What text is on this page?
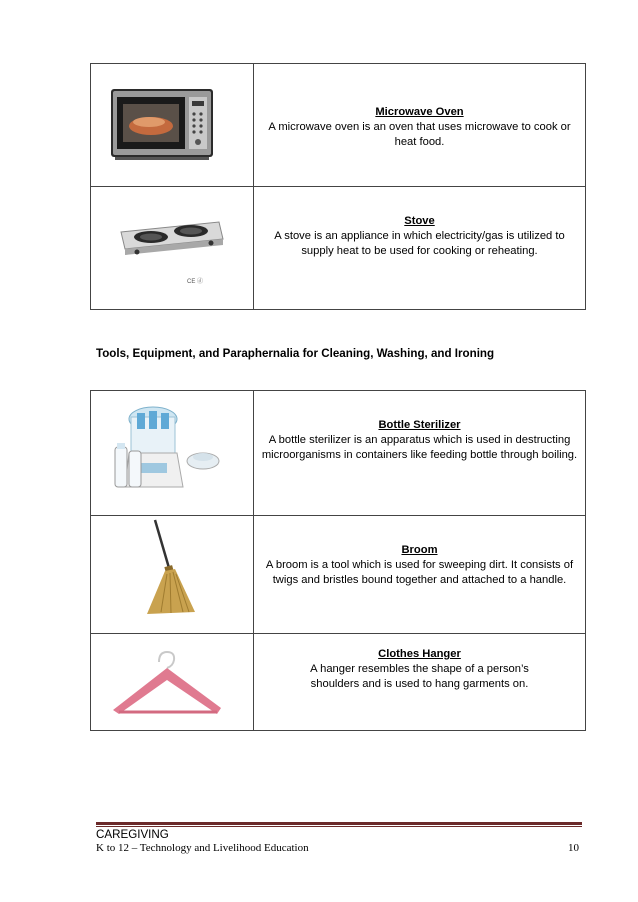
Microwave Oven
A microwave oven is an oven that uses microwave to cook or heat food.

CE ⓓ	Stove
A stove is an appliance in which electricity/gas is utilized to supply heat to be used for cooking or reheating.
Tools, Equipment, and Paraphernalia for Cleaning, Washing, and Ironing

Bottle Sterilizer
A bottle sterilizer is an apparatus which is used in destructing microorganisms in containers like feeding bottle through boiling.

Broom
A broom is a tool which is used for sweeping dirt. It consists of twigs and bristles bound together and attached to a handle.

Clothes Hanger
A hanger resembles the shape of a person’s shoulders and is used to hang garments on.
CAREGIVING
K to 12 – Technology and Livelihood Education	10
